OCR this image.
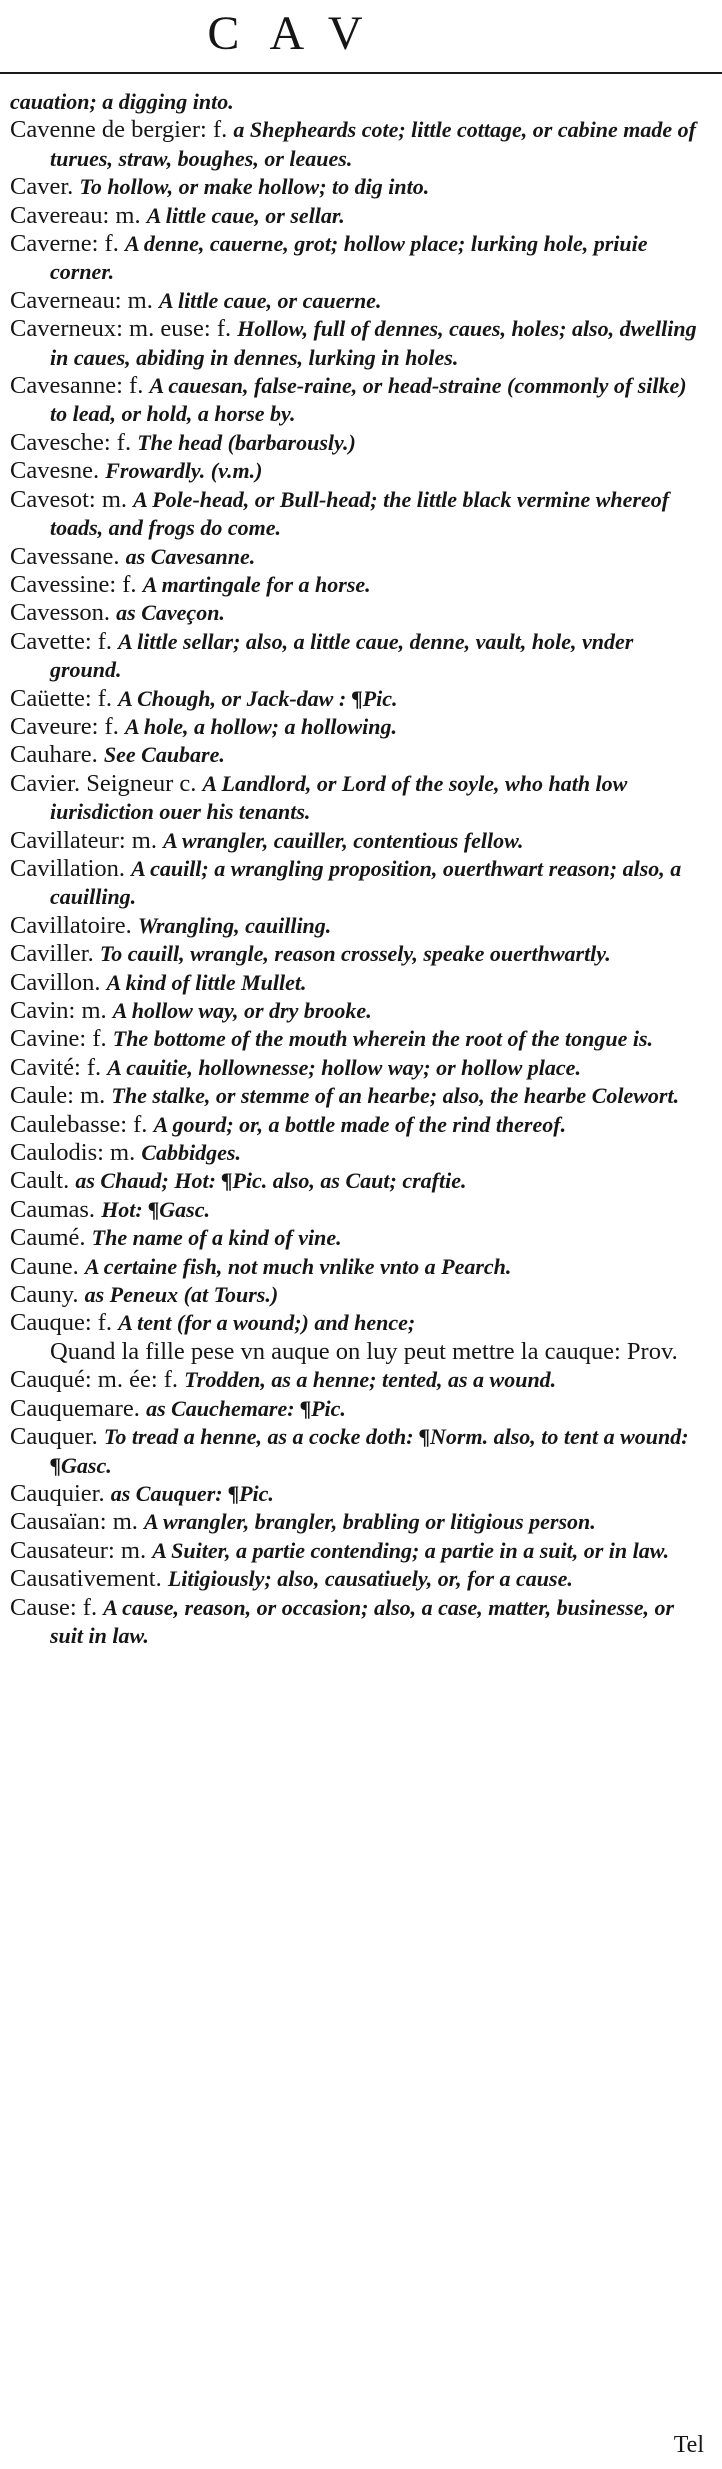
CAV

cauation; a digging into.

Cavenne de bergier: f. a Shepheards cote; little cottage, or cabine made of turues, straw, boughes, or leaues.

Caver. To hollow, or make hollow; to dig into.

Cavereau: m. A little caue, or sellar.

Caverne: f. A denne, cauerne, grot; hollow place; lurking hole, priuie corner.

Caverneau: m. A little caue, or cauerne.

Caverneux: m. euse: f. Hollow, full of dennes, caues, holes; also, dwelling in caues, abiding in dennes, lurking in holes.

Cavesanne: f. A cauesan, false-raine, or head-straine (commonly of silke) to lead, or hold, a horse by.

Cavesche: f. The head (barbarously.)

Cavesne. Frowardly. (v.m.)

Cavesot: m. A Pole-head, or Bull-head; the little black vermine whereof toads, and frogs do come.

Cavessane. as Cavesanne.

Cavessine: f. A martingale for a horse.

Cavesson. as Caveçon.

Cavette: f. A little sellar; also, a little caue, denne, vault, hole, vnder ground.

Caüette: f. A Chough, or Jack-daw : ¶Pic.

Caveure: f. A hole, a hollow; a hollowing.

Cauhare. See Caubare.

Cavier. Seigneur c. A Landlord, or Lord of the soyle, who hath low iurisdiction ouer his tenants.

Cavillateur: m. A wrangler, cauiller, contentious fellow.

Cavillation. A cauill; a wrangling proposition, ouerthwart reason; also, a cauilling.

Cavillatoire. Wrangling, cauilling.

Caviller. To cauill, wrangle, reason crossely, speake ouerthwartly.

Cavillon. A kind of little Mullet.

Cavin: m. A hollow way, or dry brooke.

Cavine: f. The bottome of the mouth wherein the root of the tongue is.

Cavité: f. A cauitie, hollownesse; hollow way; or hollow place.

Caule: m. The stalke, or stemme of an hearbe; also, the hearbe Colewort.

Caulebasse: f. A gourd; or, a bottle made of the rind thereof.

Caulodis: m. Cabbidges.

Cault. as Chaud; Hot: ¶Pic. also, as Caut; craftie.

Caumas. Hot: ¶Gasc.

Caumé. The name of a kind of vine.

Caune. A certaine fish, not much vnlike vnto a Pearch.

Cauny. as Peneux (at Tours.)

Cauque: f. A tent (for a wound;) and hence;

Quand la fille pese vn auque on luy peut mettre la cauque: Prov.

Cauqué: m. ée: f. Trodden, as a henne; tented, as a wound.

Cauquemare. as Cauchemare: ¶Pic.

Cauquer. To tread a henne, as a cocke doth: ¶Norm. also, to tent a wound: ¶Gasc.

Cauquier. as Cauquer: ¶Pic.

Causaïan: m. A wrangler, brangler, brabling or litigious person.

Causateur: m. A Suiter, a partie contending; a partie in a suit, or in law.

Causativement. Litigiously; also, causatiuely, or, for a cause.

Cause: f. A cause, reason, or occasion; also, a case, matter, businesse, or suit in law.

Tel
